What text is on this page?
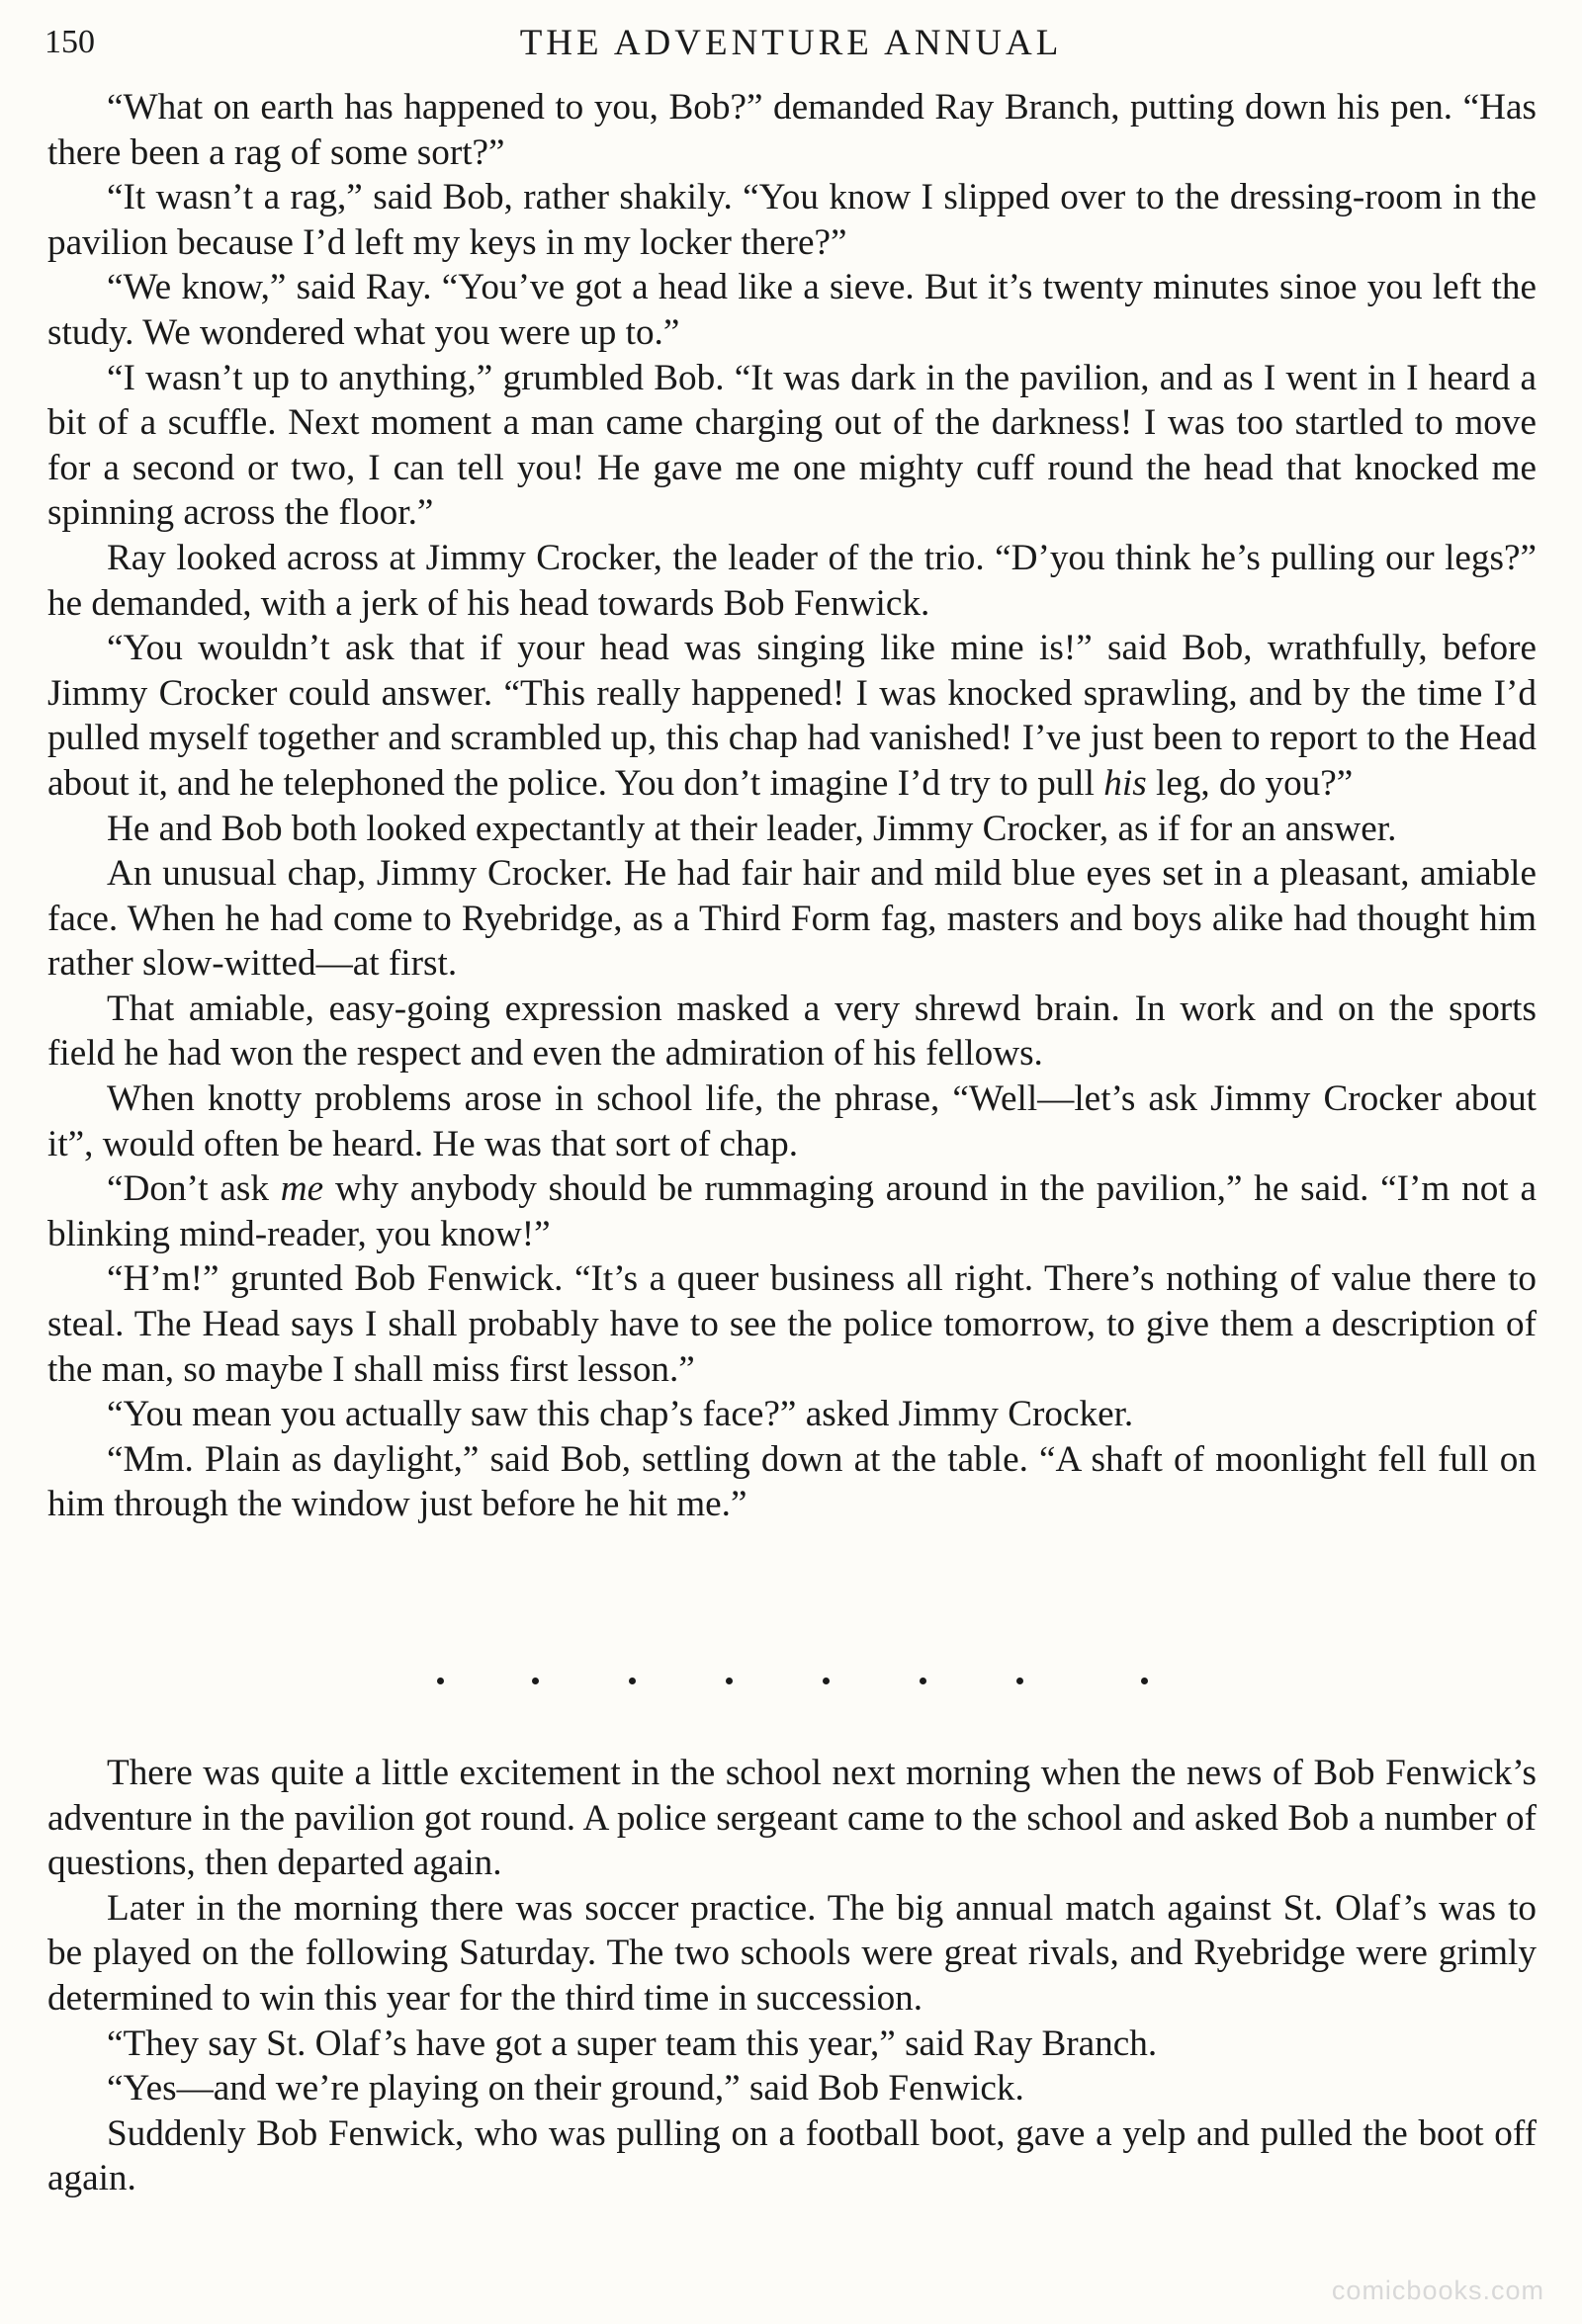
150	THE ADVENTURE ANNUAL

“What on earth has happened to you, Bob?” demanded Ray Branch, putting down his pen. “Has there been a rag of some sort?”

“It wasn’t a rag,” said Bob, rather shakily. “You know I slipped over to the dressing-room in the pavilion because I’d left my keys in my locker there?”

“We know,” said Ray. “You’ve got a head like a sieve. But it’s twenty minutes sinoe you left the study. We wondered what you were up to.”

“I wasn’t up to anything,” grumbled Bob. “It was dark in the pavilion, and as I went in I heard a bit of a scuffle. Next moment a man came charging out of the darkness! I was too startled to move for a second or two, I can tell you! He gave me one mighty cuff round the head that knocked me spinning across the floor.”

Ray looked across at Jimmy Crocker, the leader of the trio. “D’you think he’s pulling our legs?” he demanded, with a jerk of his head towards Bob Fenwick.

“You wouldn’t ask that if your head was singing like mine is!” said Bob, wrathfully, before Jimmy Crocker could answer. “This really happened! I was knocked sprawling, and by the time I’d pulled myself together and scrambled up, this chap had vanished! I’ve just been to report to the Head about it, and he telephoned the police. You don’t imagine I’d try to pull his leg, do you?”

He and Bob both looked expectantly at their leader, Jimmy Crocker, as if for an answer.

An unusual chap, Jimmy Crocker. He had fair hair and mild blue eyes set in a pleasant, amiable face. When he had come to Ryebridge, as a Third Form fag, masters and boys alike had thought him rather slow-witted—at first.

That amiable, easy-going expression masked a very shrewd brain. In work and on the sports field he had won the respect and even the admiration of his fellows.

When knotty problems arose in school life, the phrase, “Well—let’s ask Jimmy Crocker about it”, would often be heard. He was that sort of chap.

“Don’t ask me why anybody should be rummaging around in the pavilion,” he said. “I’m not a blinking mind-reader, you know!”

“H’m!” grunted Bob Fenwick. “It’s a queer business all right. There’s nothing of value there to steal. The Head says I shall probably have to see the police tomorrow, to give them a description of the man, so maybe I shall miss first lesson.”

“You mean you actually saw this chap’s face?” asked Jimmy Crocker.

“Mm. Plain as daylight,” said Bob, settling down at the table. “A shaft of moonlight fell full on him through the window just before he hit me.”

There was quite a little excitement in the school next morning when the news of Bob Fenwick’s adventure in the pavilion got round. A police sergeant came to the school and asked Bob a number of questions, then departed again.

Later in the morning there was soccer practice. The big annual match against St. Olaf’s was to be played on the following Saturday. The two schools were great rivals, and Ryebridge were grimly determined to win this year for the third time in succession.

“They say St. Olaf’s have got a super team this year,” said Ray Branch.

“Yes—and we’re playing on their ground,” said Bob Fenwick.

Suddenly Bob Fenwick, who was pulling on a football boot, gave a yelp and pulled the boot off again.

comicbooks.com
